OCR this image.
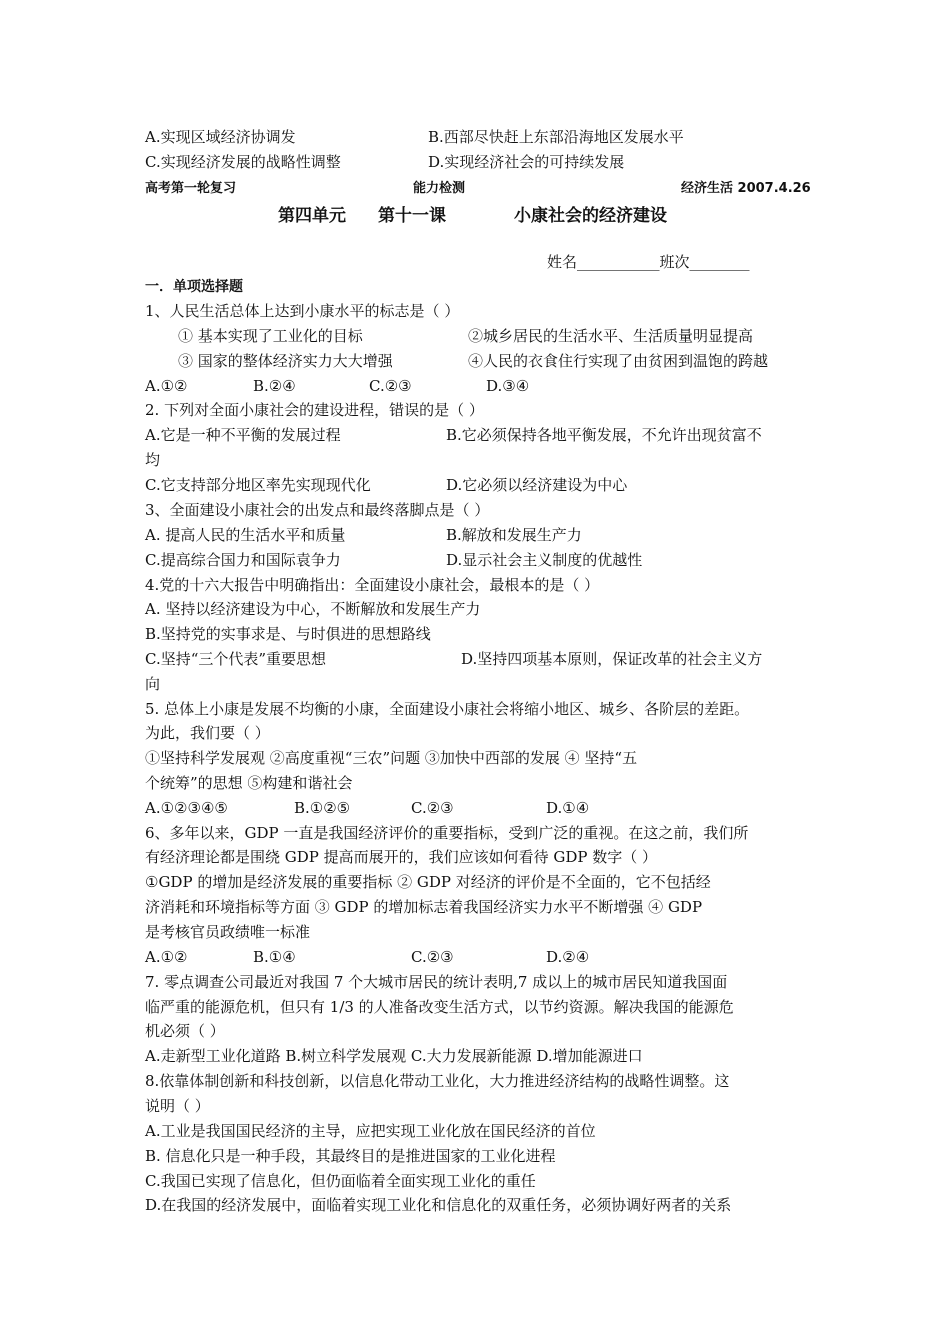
A.实现区域经济协调发	B.西部尽快赶上东部沿海地区发展水平
C.实现经济发展的战略性调整	D.实现经济社会的可持续发展
高考第一轮复习	能力检测	经济生活 2007.4.26
第四单元 第十一课	小康社会的经济建设
姓名___________班次________
一．单项选择题
1、人民生活总体上达到小康水平的标志是（ ）
① 基本实现了工业化的目标	②城乡居民的生活水平、生活质量明显提高
③ 国家的整体经济实力大大增强	④人民的衣食住行实现了由贫困到温饱的跨越
A.①②	B.②④	C.②③	D.③④
2. 下列对全面小康社会的建设进程，错误的是（ ）
A.它是一种不平衡的发展过程	B.它必须保持各地平衡发展，不允许出现贫富不
均
C.它支持部分地区率先实现现代化	D.它必须以经济建设为中心
3、全面建设小康社会的出发点和最终落脚点是（ ）
A. 提高人民的生活水平和质量	B.解放和发展生产力
C.提高综合国力和国际袁争力	D.显示社会主义制度的优越性
4.党的十六大报告中明确指出：全面建设小康社会，最根本的是（ ）
A. 坚持以经济建设为中心，不断解放和发展生产力
B.坚持党的实事求是、与时俱进的思想路线
C.坚持“三个代表”重要思想	D.坚持四项基本原则，保证改革的社会主义方
向
5. 总体上小康是发展不均衡的小康，全面建设小康社会将缩小地区、城乡、各阶层的差距。
为此，我们要（ ）
①坚持科学发展观 ②高度重视“三农”问题 ③加快中西部的发展 ④ 坚持“五
个统筹”的思想 ⑤构建和谐社会
A.①②③④⑤	B.①②⑤	C.②③	D.①④
6、多年以来，GDP 一直是我国经济评价的重要指标，受到广泛的重视。在这之前，我们所
有经济理论都是围绕 GDP 提高而展开的，我们应该如何看待 GDP 数字（ ）
①GDP 的增加是经济发展的重要指标 ② GDP 对经济的评价是不全面的，它不包括经
济消耗和环境指标等方面 ③ GDP 的增加标志着我国经济实力水平不断增强 ④ GDP
是考核官员政绩唯一标准
A.①②	B.①④	C.②③	D.②④
7. 零点调查公司最近对我国 7 个大城市居民的统计表明,7 成以上的城市居民知道我国面
临严重的能源危机，但只有 1/3 的人准备改变生活方式，以节约资源。解决我国的能源危
机必须（ ）
A.走新型工业化道路 B.树立科学发展观 C.大力发展新能源 D.增加能源进口
8.依靠体制创新和科技创新，以信息化带动工业化，大力推进经济结构的战略性调整。这
说明（ ）
A.工业是我国国民经济的主导，应把实现工业化放在国民经济的首位
B. 信息化只是一种手段，其最终目的是推进国家的工业化进程
C.我国已实现了信息化，但仍面临着全面实现工业化的重任
D.在我国的经济发展中，面临着实现工业化和信息化的双重任务，必须协调好两者的关系
